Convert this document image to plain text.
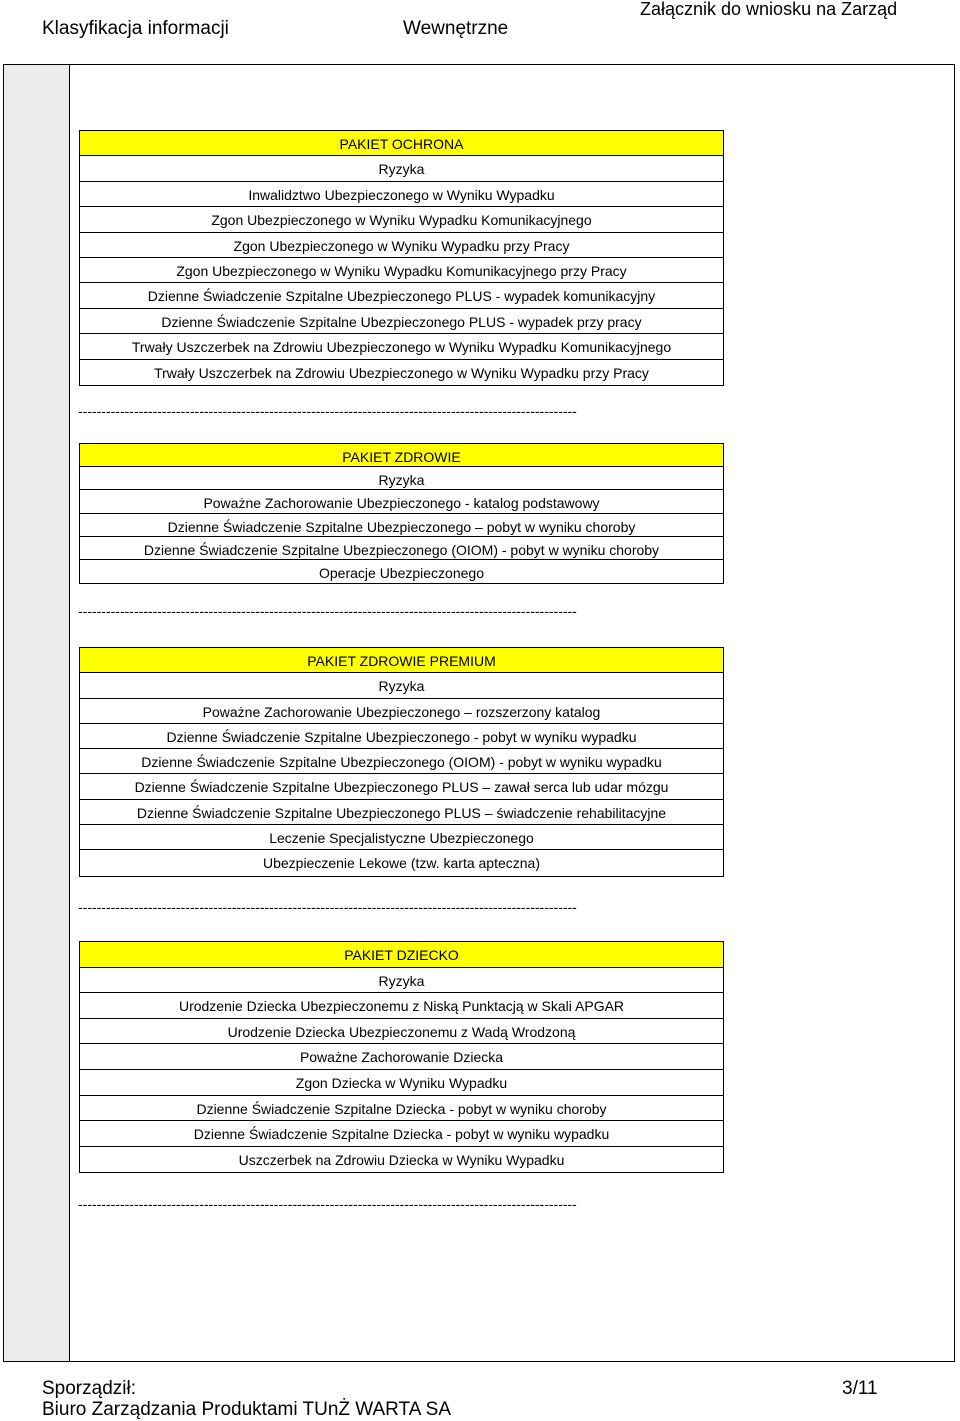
Klasyfikacja informacji	Wewnętrzne
Załącznik do wniosku na Zarząd
PAKIET OCHRONA
Ryzyka
Inwalidztwo Ubezpieczonego w Wyniku Wypadku
Zgon Ubezpieczonego w Wyniku Wypadku Komunikacyjnego
Zgon Ubezpieczonego w Wyniku Wypadku przy Pracy
Zgon Ubezpieczonego w Wyniku Wypadku Komunikacyjnego przy Pracy
Dzienne Świadczenie Szpitalne Ubezpieczonego PLUS - wypadek komunikacyjny
Dzienne Świadczenie Szpitalne Ubezpieczonego PLUS - wypadek przy pracy
Trwały Uszczerbek na Zdrowiu Ubezpieczonego w Wyniku Wypadku Komunikacyjnego
Trwały Uszczerbek na Zdrowiu Ubezpieczonego w Wyniku Wypadku przy Pracy
-----------------------------------------------------------------------------------------------------------
PAKIET ZDROWIE
Ryzyka
Poważne Zachorowanie Ubezpieczonego - katalog podstawowy
Dzienne Świadczenie Szpitalne Ubezpieczonego – pobyt w wyniku choroby
Dzienne Świadczenie Szpitalne Ubezpieczonego (OIOM) - pobyt w wyniku choroby
Operacje Ubezpieczonego
-----------------------------------------------------------------------------------------------------------
PAKIET ZDROWIE PREMIUM
Ryzyka
Poważne Zachorowanie Ubezpieczonego – rozszerzony katalog
Dzienne Świadczenie Szpitalne Ubezpieczonego - pobyt w wyniku wypadku
Dzienne Świadczenie Szpitalne Ubezpieczonego (OIOM) - pobyt w wyniku wypadku
Dzienne Świadczenie Szpitalne Ubezpieczonego PLUS – zawał serca lub udar mózgu
Dzienne Świadczenie Szpitalne Ubezpieczonego PLUS – świadczenie rehabilitacyjne
Leczenie Specjalistyczne Ubezpieczonego
Ubezpieczenie Lekowe (tzw. karta apteczna)
-----------------------------------------------------------------------------------------------------------
PAKIET DZIECKO
Ryzyka
Urodzenie Dziecka Ubezpieczonemu z Niską Punktacją w Skali APGAR
Urodzenie Dziecka Ubezpieczonemu z Wadą Wrodzoną
Poważne Zachorowanie Dziecka
Zgon Dziecka w Wyniku Wypadku
Dzienne Świadczenie Szpitalne Dziecka - pobyt w wyniku choroby
Dzienne Świadczenie Szpitalne Dziecka - pobyt w wyniku wypadku
Uszczerbek na Zdrowiu Dziecka w Wyniku Wypadku
-----------------------------------------------------------------------------------------------------------
Sporządził:
Biuro Zarządzania Produktami TUnŻ WARTA SA
3/11
